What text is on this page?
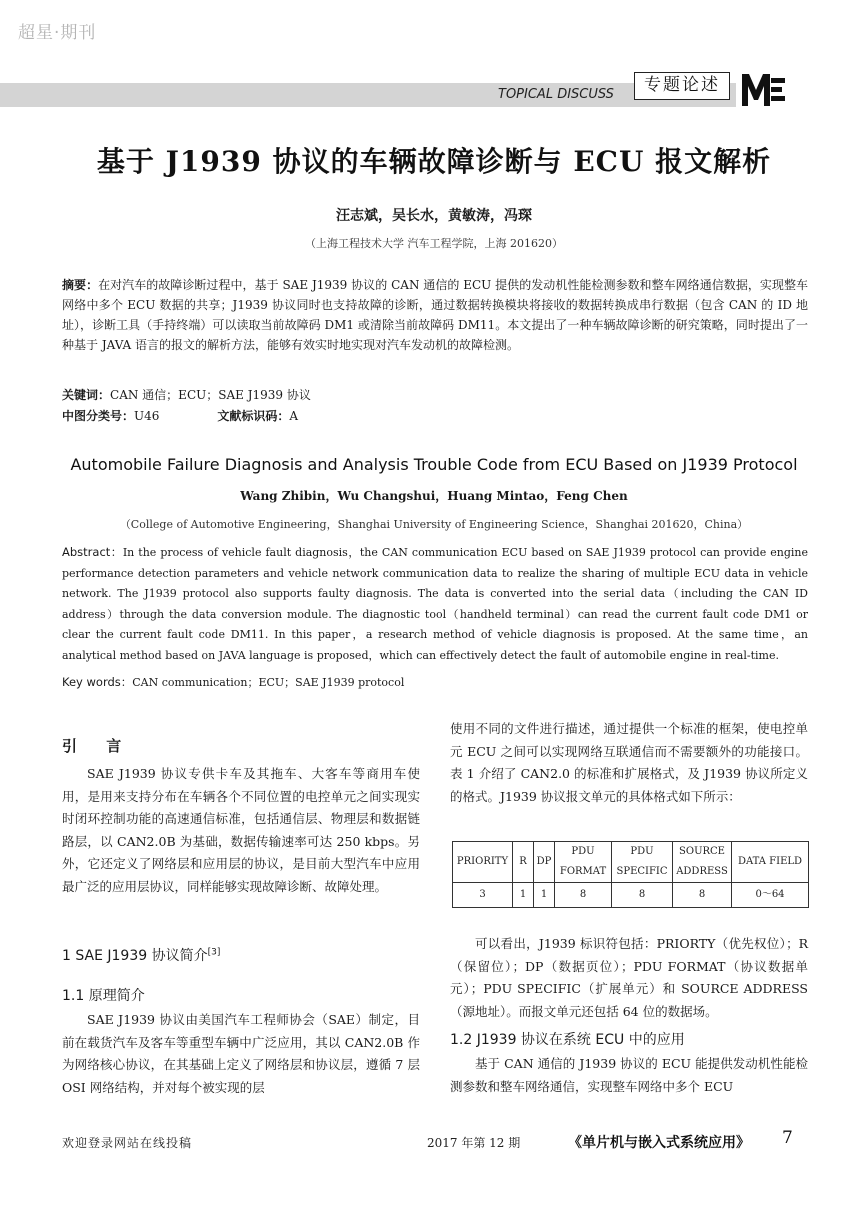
超星·期刊
TOPICAL DISCUSS	专题论述
基于 J1939 协议的车辆故障诊断与 ECU 报文解析
汪志斌，吴长水，黄敏涛，冯琛
（上海工程技术大学 汽车工程学院，上海 201620）
摘要：在对汽车的故障诊断过程中，基于 SAE J1939 协议的 CAN 通信的 ECU 提供的发动机性能检测参数和整车网络通信数据，实现整车网络中多个 ECU 数据的共享；J1939 协议同时也支持故障的诊断，通过数据转换模块将接收的数据转换成串行数据（包含 CAN 的 ID 地址），诊断工具（手持终端）可以读取当前故障码 DM1 或清除当前故障码 DM11。本文提出了一种车辆故障诊断的研究策略，同时提出了一种基于 JAVA 语言的报文的解析方法，能够有效实时地实现对汽车发动机的故障检测。
关键词：CAN 通信；ECU；SAE J1939 协议
中图分类号：U46	文献标识码：A
Automobile Failure Diagnosis and Analysis Trouble Code from ECU Based on J1939 Protocol
Wang Zhibin，Wu Changshui，Huang Mintao，Feng Chen
（College of Automotive Engineering，Shanghai University of Engineering Science，Shanghai 201620，China）
Abstract：In the process of vehicle fault diagnosis，the CAN communication ECU based on SAE J1939 protocol can provide engine performance detection parameters and vehicle network communication data to realize the sharing of multiple ECU data in vehicle network. The J1939 protocol also supports faulty diagnosis. The data is converted into the serial data（including the CAN ID address）through the data conversion module. The diagnostic tool（handheld terminal）can read the current fault code DM1 or clear the current fault code DM11. In this paper，a research method of vehicle diagnosis is proposed. At the same time，an analytical method based on JAVA language is proposed，which can effectively detect the fault of automobile engine in real-time.
Key words：CAN communication；ECU；SAE J1939 protocol
引 言

SAE J1939 协议专供卡车及其拖车、大客车等商用车使用，是用来支持分布在车辆各个不同位置的电控单元之间实现实时闭环控制功能的高速通信标准，包括通信层、物理层和数据链路层，以 CAN2.0B 为基础，数据传输速率可达 250 kbps。另外，它还定义了网络层和应用层的协议，是目前大型汽车中应用最广泛的应用层协议，同样能够实现故障诊断、故障处理。

1 SAE J1939 协议简介[3]
1.1 原理简介

SAE J1939 协议由美国汽车工程师协会（SAE）制定，目前在载货汽车及客车等重型车辆中广泛应用，其以 CAN2.0B 作为网络核心协议，在其基础上定义了网络层和协议层，遵循 7 层 OSI 网络结构，并对每个被实现的层

使用不同的文件进行描述，通过提供一个标准的框架，使电控单元 ECU 之间可以实现网络互联通信而不需要额外的功能接口。表 1 介绍了 CAN2.0 的标准和扩展格式，及 J1939 协议所定义的格式。J1939 协议报文单元的具体格式如下所示：

PRIORITY	R	DP	PDU FORMAT	PDU SPECIFIC	SOURCE ADDRESS	DATA FIELD
3	1	1	8	8	8	0～64

可以看出，J1939 标识符包括：PRIORTY（优先权位）；R（保留位）；DP（数据页位）；PDU FORMAT（协议数据单元）；PDU SPECIFIC（扩展单元）和 SOURCE ADDRESS（源地址）。而报文单元还包括 64 位的数据场。

1.2 J1939 协议在系统 ECU 中的应用

基于 CAN 通信的 J1939 协议的 ECU 能提供发动机性能检测参数和整车网络通信，实现整车网络中多个 ECU

欢迎登录网站在线投稿	2017 年第 12 期	《单片机与嵌入式系统应用》 7
